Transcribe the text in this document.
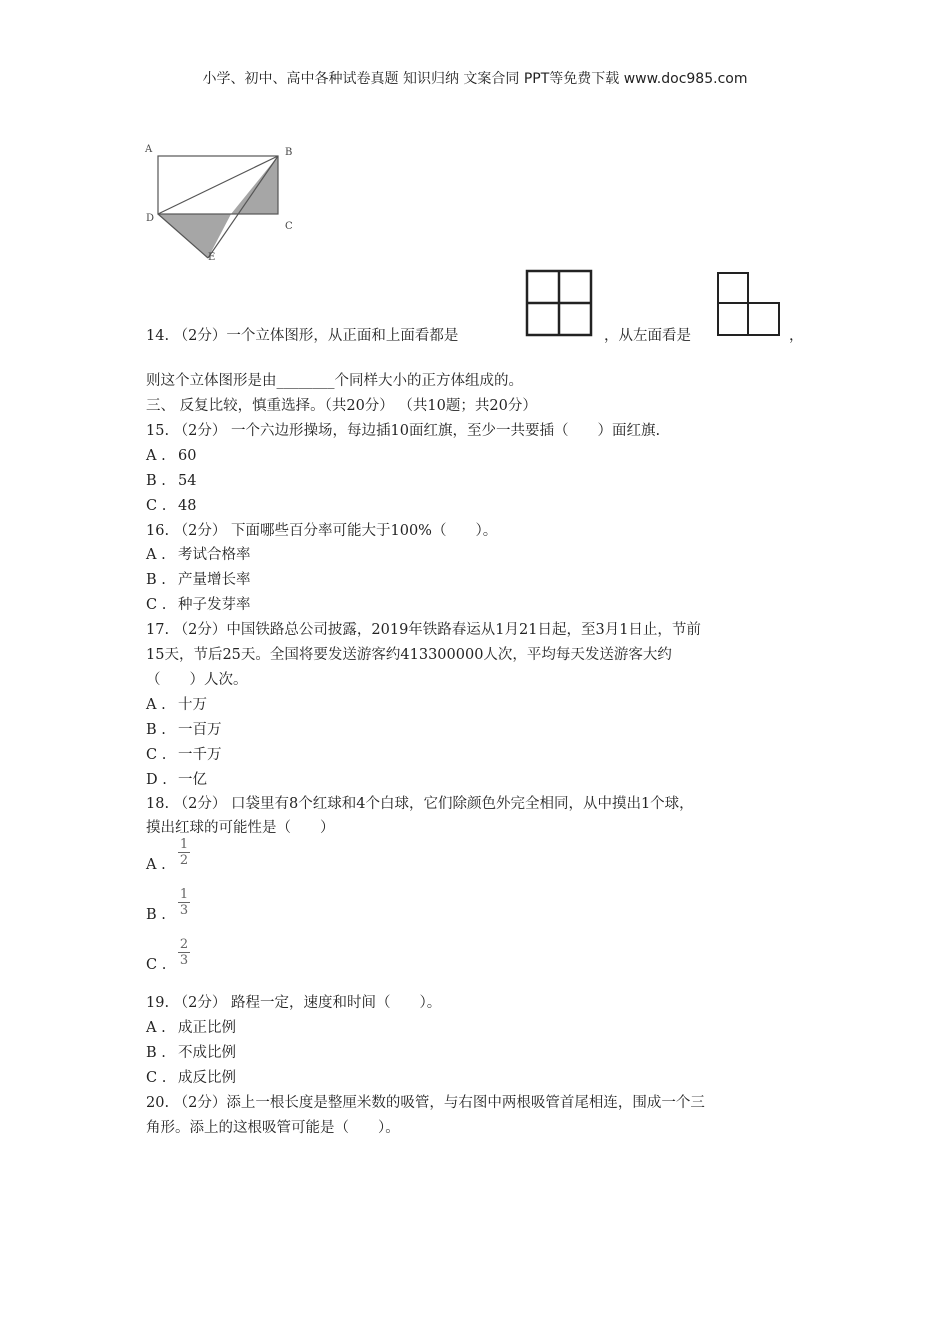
小学、初中、高中各种试卷真题 知识归纳 文案合同 PPT等免费下载 www.doc985.com
A	B
C
D
E
14. （2分）一个立体图形，从正面和上面看都是	，从左面看是	，
则这个立体图形是由________个同样大小的正方体组成的。
三、 反复比较，慎重选择。（共20分） （共10题；共20分）
15. （2分） 一个六边形操场，每边插10面红旗，至少一共要插（　　）面红旗.
A . 60
B . 54
C . 48
16. （2分） 下面哪些百分率可能大于100%（　　）。
A . 考试合格率
B . 产量增长率
C . 种子发芽率
17. （2分）中国铁路总公司披露，2019年铁路春运从1月21日起，至3月1日止，节前
15天，节后25天。全国将要发送游客约413300000人次，平均每天发送游客大约
（　　）人次。
A . 十万
B . 一百万
C . 一千万
D . 一亿
18. （2分） 口袋里有8个红球和4个白球，它们除颜色外完全相同，从中摸出1个球，
摸出红球的可能性是（　　）
A .
1
2
B .
1
3
C .
2
3
19. （2分） 路程一定，速度和时间（　　）。
A . 成正比例
B . 不成比例
C . 成反比例
20. （2分）添上一根长度是整厘米数的吸管，与右图中两根吸管首尾相连，围成一个三
角形。添上的这根吸管可能是（　　）。
